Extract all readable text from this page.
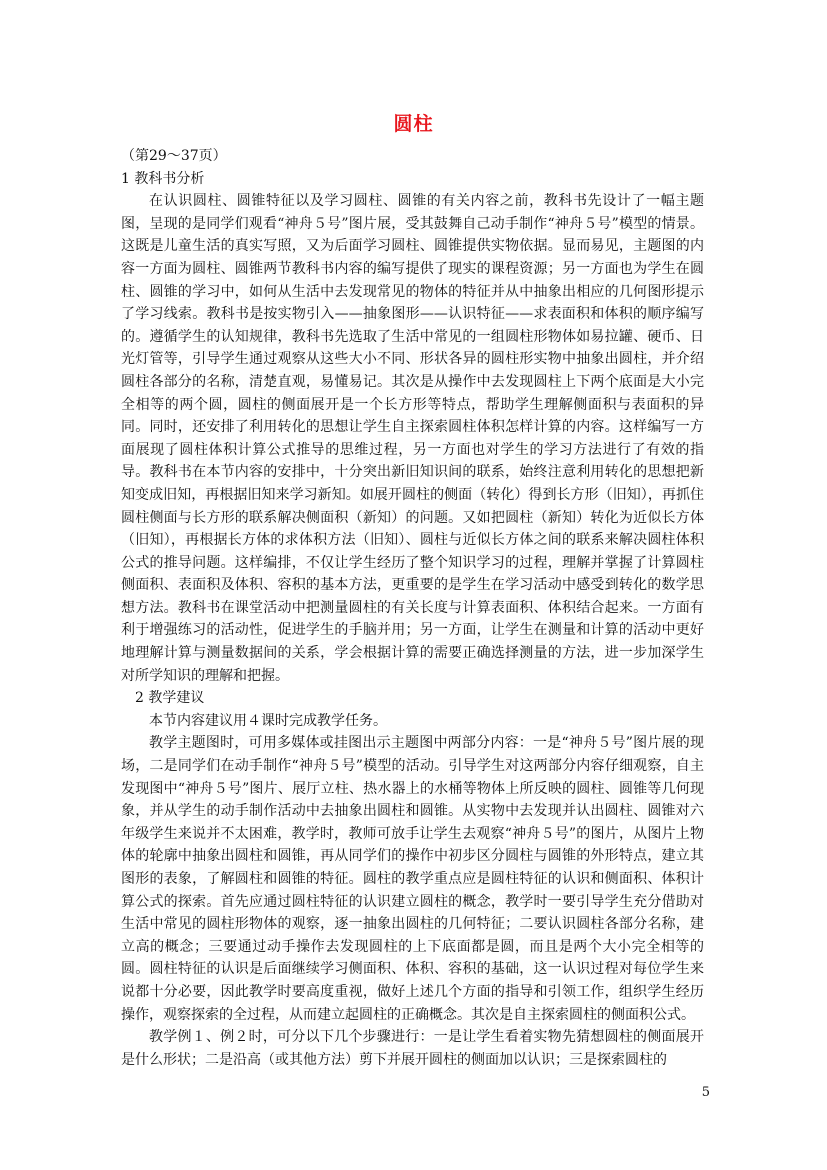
圆柱

（第29～37页）

1 教科书分析

在认识圆柱、圆锥特征以及学习圆柱、圆锥的有关内容之前，教科书先设计了一幅主题图，呈现的是同学们观看“神舟５号”图片展，受其鼓舞自己动手制作“神舟５号”模型的情景。这既是儿童生活的真实写照，又为后面学习圆柱、圆锥提供实物依据。显而易见，主题图的内容一方面为圆柱、圆锥两节教科书内容的编写提供了现实的课程资源；另一方面也为学生在圆柱、圆锥的学习中，如何从生活中去发现常见的物体的特征并从中抽象出相应的几何图形提示了学习线索。教科书是按实物引入——抽象图形——认识特征——求表面积和体积的顺序编写的。遵循学生的认知规律，教科书先选取了生活中常见的一组圆柱形物体如易拉罐、硬币、日光灯管等，引导学生通过观察从这些大小不同、形状各异的圆柱形实物中抽象出圆柱，并介绍圆柱各部分的名称，清楚直观，易懂易记。其次是从操作中去发现圆柱上下两个底面是大小完全相等的两个圆，圆柱的侧面展开是一个长方形等特点，帮助学生理解侧面积与表面积的异同。同时，还安排了利用转化的思想让学生自主探索圆柱体积怎样计算的内容。这样编写一方面展现了圆柱体积计算公式推导的思维过程，另一方面也对学生的学习方法进行了有效的指导。教科书在本节内容的安排中，十分突出新旧知识间的联系，始终注意利用转化的思想把新知变成旧知，再根据旧知来学习新知。如展开圆柱的侧面（转化）得到长方形（旧知），再抓住圆柱侧面与长方形的联系解决侧面积（新知）的问题。又如把圆柱（新知）转化为近似长方体（旧知），再根据长方体的求体积方法（旧知）、圆柱与近似长方体之间的联系来解决圆柱体积公式的推导问题。这样编排，不仅让学生经历了整个知识学习的过程，理解并掌握了计算圆柱侧面积、表面积及体积、容积的基本方法，更重要的是学生在学习活动中感受到转化的数学思想方法。教科书在课堂活动中把测量圆柱的有关长度与计算表面积、体积结合起来。一方面有利于增强练习的活动性，促进学生的手脑并用；另一方面，让学生在测量和计算的活动中更好地理解计算与测量数据间的关系，学会根据计算的需要正确选择测量的方法，进一步加深学生对所学知识的理解和把握。

2 教学建议

本节内容建议用４课时完成教学任务。

教学主题图时，可用多媒体或挂图出示主题图中两部分内容：一是“神舟５号”图片展的现场，二是同学们在动手制作“神舟５号”模型的活动。引导学生对这两部分内容仔细观察，自主发现图中“神舟５号”图片、展厅立柱、热水器上的水桶等物体上所反映的圆柱、圆锥等几何现象，并从学生的动手制作活动中去抽象出圆柱和圆锥。从实物中去发现并认出圆柱、圆锥对六年级学生来说并不太困难，教学时，教师可放手让学生去观察“神舟５号”的图片，从图片上物体的轮廓中抽象出圆柱和圆锥，再从同学们的操作中初步区分圆柱与圆锥的外形特点，建立其图形的表象，了解圆柱和圆锥的特征。圆柱的教学重点应是圆柱特征的认识和侧面积、体积计算公式的探索。首先应通过圆柱特征的认识建立圆柱的概念，教学时一要引导学生充分借助对生活中常见的圆柱形物体的观察，逐一抽象出圆柱的几何特征；二要认识圆柱各部分名称，建立高的概念；三要通过动手操作去发现圆柱的上下底面都是圆，而且是两个大小完全相等的圆。圆柱特征的认识是后面继续学习侧面积、体积、容积的基础，这一认识过程对每位学生来说都十分必要，因此教学时要高度重视，做好上述几个方面的指导和引领工作，组织学生经历操作，观察探索的全过程，从而建立起圆柱的正确概念。其次是自主探索圆柱的侧面积公式。

教学例１、例２时，可分以下几个步骤进行：一是让学生看着实物先猜想圆柱的侧面展开是什么形状；二是沿高（或其他方法）剪下并展开圆柱的侧面加以认识；三是探索圆柱的

5
